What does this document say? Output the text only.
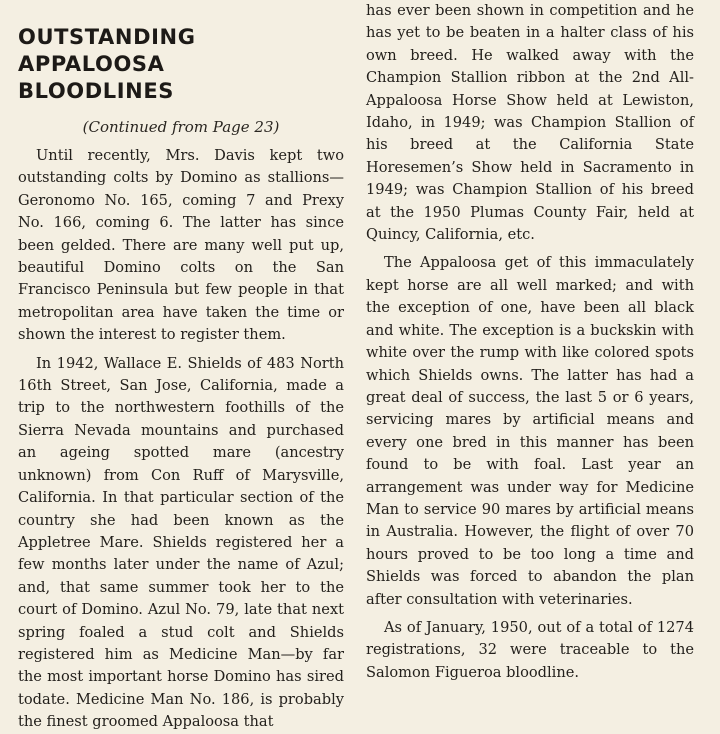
OUTSTANDING
APPALOOSA
BLOODLINES

(Continued from Page 23)

Until recently, Mrs. Davis kept two outstanding colts by Domino as stallions—Geronomo No. 165, coming 7 and Prexy No. 166, coming 6. The latter has since been gelded. There are many well put up, beautiful Domino colts on the San Francisco Peninsula but few people in that metropolitan area have taken the time or shown the interest to register them.

In 1942, Wallace E. Shields of 483 North 16th Street, San Jose, California, made a trip to the northwestern foothills of the Sierra Nevada mountains and purchased an ageing spotted mare (ancestry unknown) from Con Ruff of Marysville, California. In that particular section of the country she had been known as the Appletree Mare. Shields registered her a few months later under the name of Azul; and, that same summer took her to the court of Domino. Azul No. 79, late that next spring foaled a stud colt and Shields registered him as Medicine Man—by far the most important horse Domino has sired todate. Medicine Man No. 186, is probably the finest groomed Appaloosa that

has ever been shown in competition and he has yet to be beaten in a halter class of his own breed. He walked away with the Champion Stallion ribbon at the 2nd All-Appaloosa Horse Show held at Lewiston, Idaho, in 1949; was Champion Stallion of his breed at the California State Horesemen’s Show held in Sacramento in 1949; was Champion Stallion of his breed at the 1950 Plumas County Fair, held at Quincy, California, etc.

The Appaloosa get of this immaculately kept horse are all well marked; and with the exception of one, have been all black and white. The exception is a buckskin with white over the rump with like colored spots which Shields owns. The latter has had a great deal of success, the last 5 or 6 years, servicing mares by artificial means and every one bred in this manner has been found to be with foal. Last year an arrangement was under way for Medicine Man to service 90 mares by artificial means in Australia. However, the flight of over 70 hours proved to be too long a time and Shields was forced to abandon the plan after consultation with veterinaries.

As of January, 1950, out of a total of 1274 registrations, 32 were traceable to the Salomon Figueroa bloodline.
